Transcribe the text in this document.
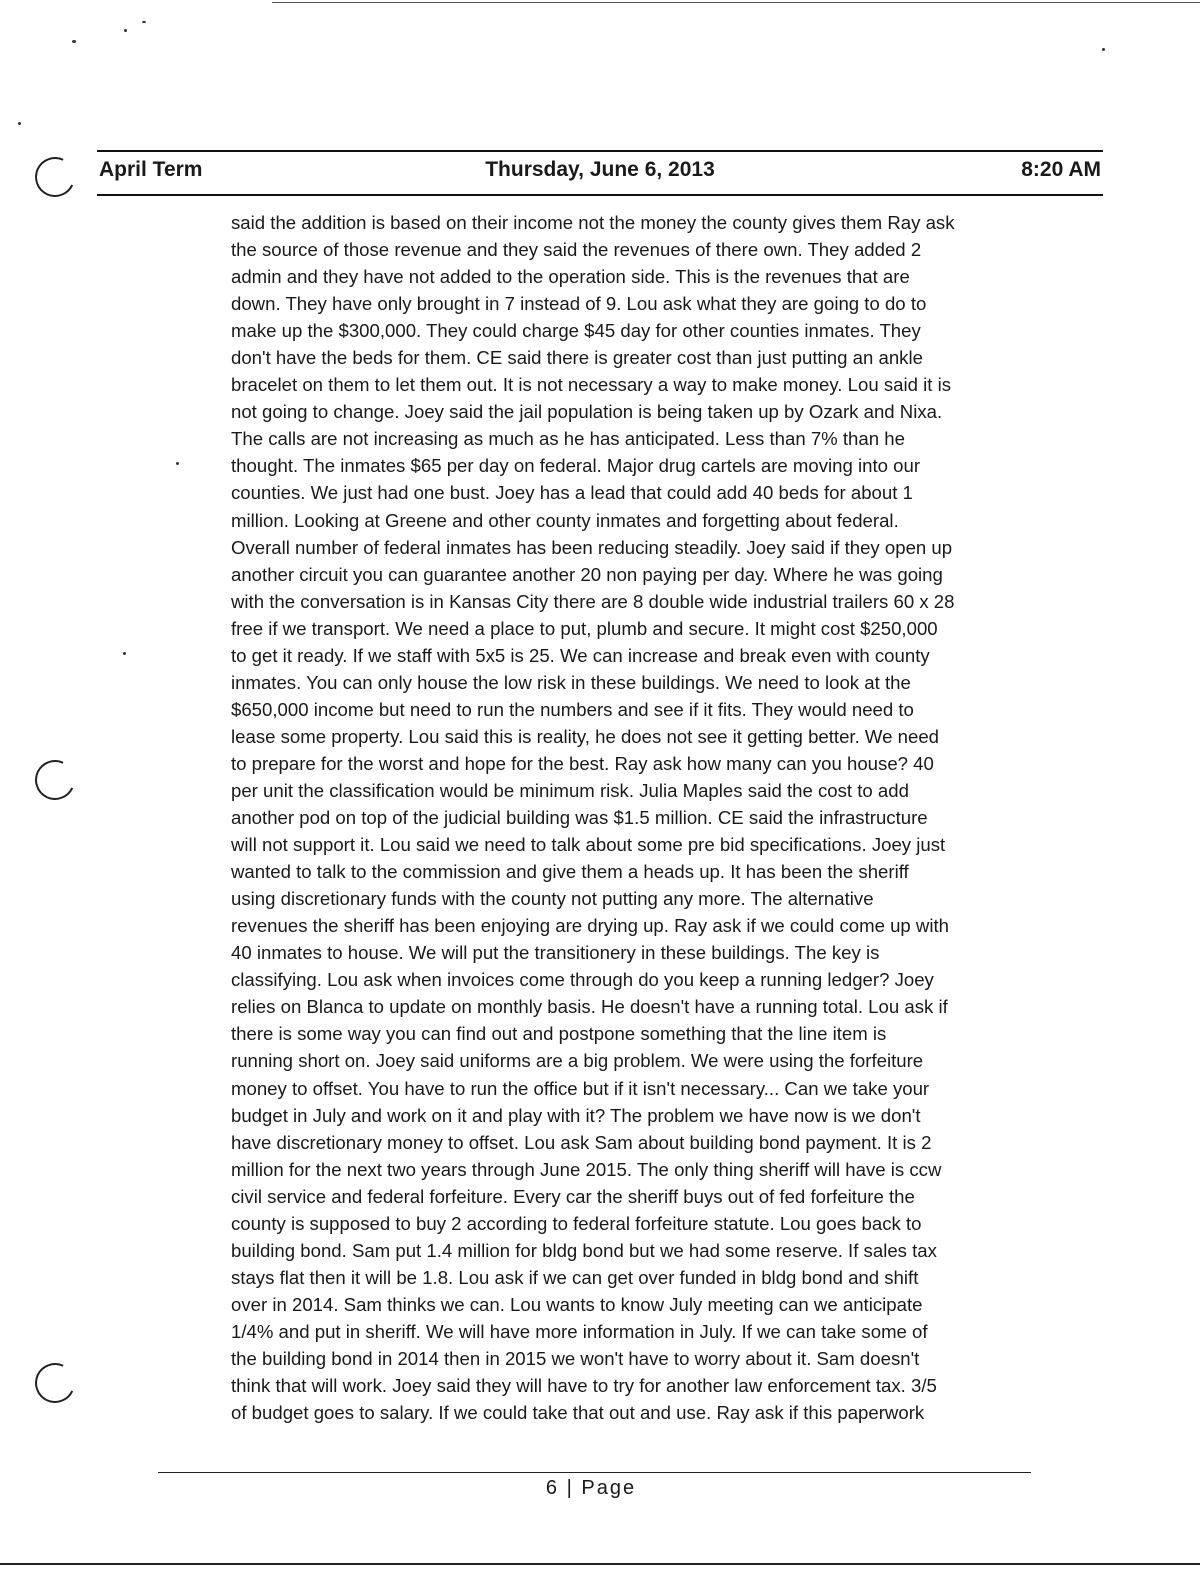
April Term	Thursday, June 6, 2013	8:20 AM
said the addition is based on their income not the money the county gives them Ray ask
the source of those revenue and they said the revenues of there own. They added 2
admin and they have not added to the operation side. This is the revenues that are
down. They have only brought in 7 instead of 9. Lou ask what they are going to do to
make up the $300,000. They could charge $45 day for other counties inmates. They
don't have the beds for them. CE said there is greater cost than just putting an ankle
bracelet on them to let them out. It is not necessary a way to make money. Lou said it is
not going to change. Joey said the jail population is being taken up by Ozark and Nixa.
The calls are not increasing as much as he has anticipated. Less than 7% than he
thought. The inmates $65 per day on federal. Major drug cartels are moving into our
counties. We just had one bust. Joey has a lead that could add 40 beds for about 1
million. Looking at Greene and other county inmates and forgetting about federal.
Overall number of federal inmates has been reducing steadily. Joey said if they open up
another circuit you can guarantee another 20 non paying per day. Where he was going
with the conversation is in Kansas City there are 8 double wide industrial trailers 60 x 28
free if we transport. We need a place to put, plumb and secure. It might cost $250,000
to get it ready. If we staff with 5x5 is 25. We can increase and break even with county
inmates. You can only house the low risk in these buildings. We need to look at the
$650,000 income but need to run the numbers and see if it fits. They would need to
lease some property. Lou said this is reality, he does not see it getting better. We need
to prepare for the worst and hope for the best. Ray ask how many can you house? 40
per unit the classification would be minimum risk. Julia Maples said the cost to add
another pod on top of the judicial building was $1.5 million. CE said the infrastructure
will not support it. Lou said we need to talk about some pre bid specifications. Joey just
wanted to talk to the commission and give them a heads up. It has been the sheriff
using discretionary funds with the county not putting any more. The alternative
revenues the sheriff has been enjoying are drying up. Ray ask if we could come up with
40 inmates to house. We will put the transitionery in these buildings. The key is
classifying. Lou ask when invoices come through do you keep a running ledger? Joey
relies on Blanca to update on monthly basis. He doesn't have a running total. Lou ask if
there is some way you can find out and postpone something that the line item is
running short on. Joey said uniforms are a big problem. We were using the forfeiture
money to offset. You have to run the office but if it isn't necessary... Can we take your
budget in July and work on it and play with it? The problem we have now is we don't
have discretionary money to offset. Lou ask Sam about building bond payment. It is 2
million for the next two years through June 2015. The only thing sheriff will have is ccw
civil service and federal forfeiture. Every car the sheriff buys out of fed forfeiture the
county is supposed to buy 2 according to federal forfeiture statute. Lou goes back to
building bond. Sam put 1.4 million for bldg bond but we had some reserve. If sales tax
stays flat then it will be 1.8. Lou ask if we can get over funded in bldg bond and shift
over in 2014. Sam thinks we can. Lou wants to know July meeting can we anticipate
1/4% and put in sheriff. We will have more information in July. If we can take some of
the building bond in 2014 then in 2015 we won't have to worry about it. Sam doesn't
think that will work. Joey said they will have to try for another law enforcement tax. 3/5
of budget goes to salary. If we could take that out and use. Ray ask if this paperwork
6 | Page
